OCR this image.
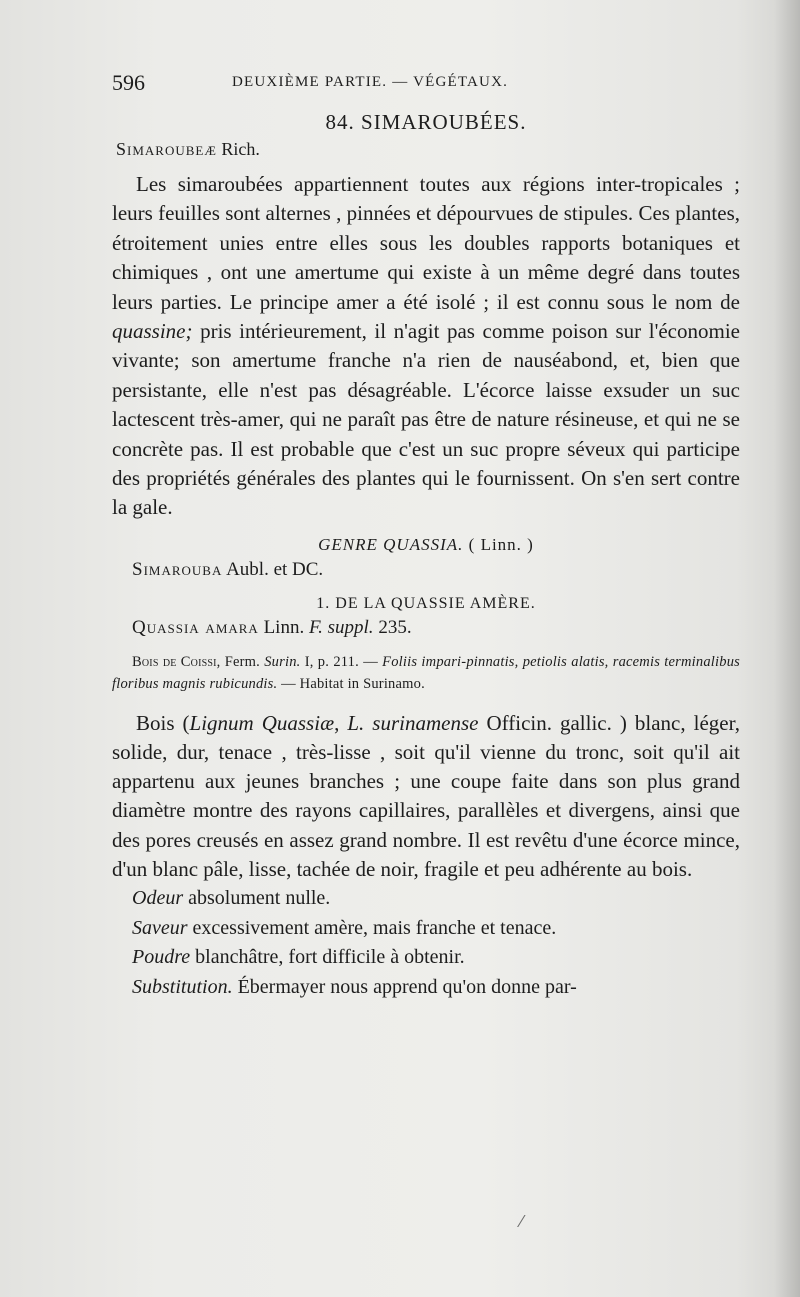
596	DEUXIÈME PARTIE. — VÉGÉTAUX.
84. SIMAROUBÉES.
Simaroubeæ Rich.

Les simaroubées appartiennent toutes aux régions inter-tropicales ; leurs feuilles sont alternes , pinnées et dépourvues de stipules. Ces plantes, étroitement unies entre elles sous les doubles rapports botaniques et chimiques , ont une amertume qui existe à un même degré dans toutes leurs parties. Le principe amer a été isolé ; il est connu sous le nom de quassine; pris intérieurement, il n'agit pas comme poison sur l'économie vivante; son amertume franche n'a rien de nauséabond, et, bien que persistante, elle n'est pas désagréable. L'écorce laisse exsuder un suc lactescent très-amer, qui ne paraît pas être de nature résineuse, et qui ne se concrète pas. Il est probable que c'est un suc propre séveux qui participe des propriétés générales des plantes qui le fournissent. On s'en sert contre la gale.

GENRE QUASSIA. ( Linn. )
Simarouba Aubl. et DC.
1. DE LA QUASSIE AMÈRE.
Quassia amara Linn. F. suppl. 235.

Bois de Coissi, Ferm. Surin. I, p. 211. — Foliis impari-pinnatis, petiolis alatis, racemis terminalibus floribus magnis rubicundis. — Habitat in Surinamo.

Bois (Lignum Quassiæ, L. surinamense Officin. gallic. ) blanc, léger, solide, dur, tenace , très-lisse , soit qu'il vienne du tronc, soit qu'il ait appartenu aux jeunes branches ; une coupe faite dans son plus grand diamètre montre des rayons capillaires, parallèles et divergens, ainsi que des pores creusés en assez grand nombre. Il est revêtu d'une écorce mince, d'un blanc pâle, lisse, tachée de noir, fragile et peu adhérente au bois.

Odeur absolument nulle.

Saveur excessivement amère, mais franche et tenace.

Poudre blanchâtre, fort difficile à obtenir.

Substitution. Ébermayer nous apprend qu'on donne par-

⁄
